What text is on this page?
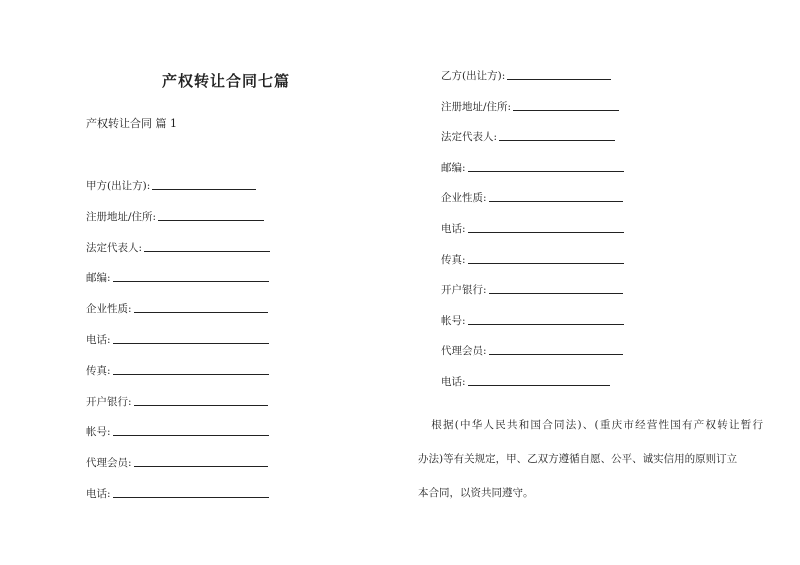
产权转让合同七篇
产权转让合同 篇 1
甲方(出让方):
注册地址/住所:
法定代表人:
邮编:
企业性质:
电话:
传真:
开户银行:
帐号:
代理会员:
电话:
乙方(出让方):
注册地址/住所:
法定代表人:
邮编:
企业性质:
电话:
传真:
开户银行:
帐号:
代理会员:
电话:
根据(中华人民共和国合同法)、(重庆市经营性国有产权转让暂行
办法)等有关规定，甲、乙双方遵循自愿、公平、诚实信用的原则订立
本合同，以资共同遵守。
